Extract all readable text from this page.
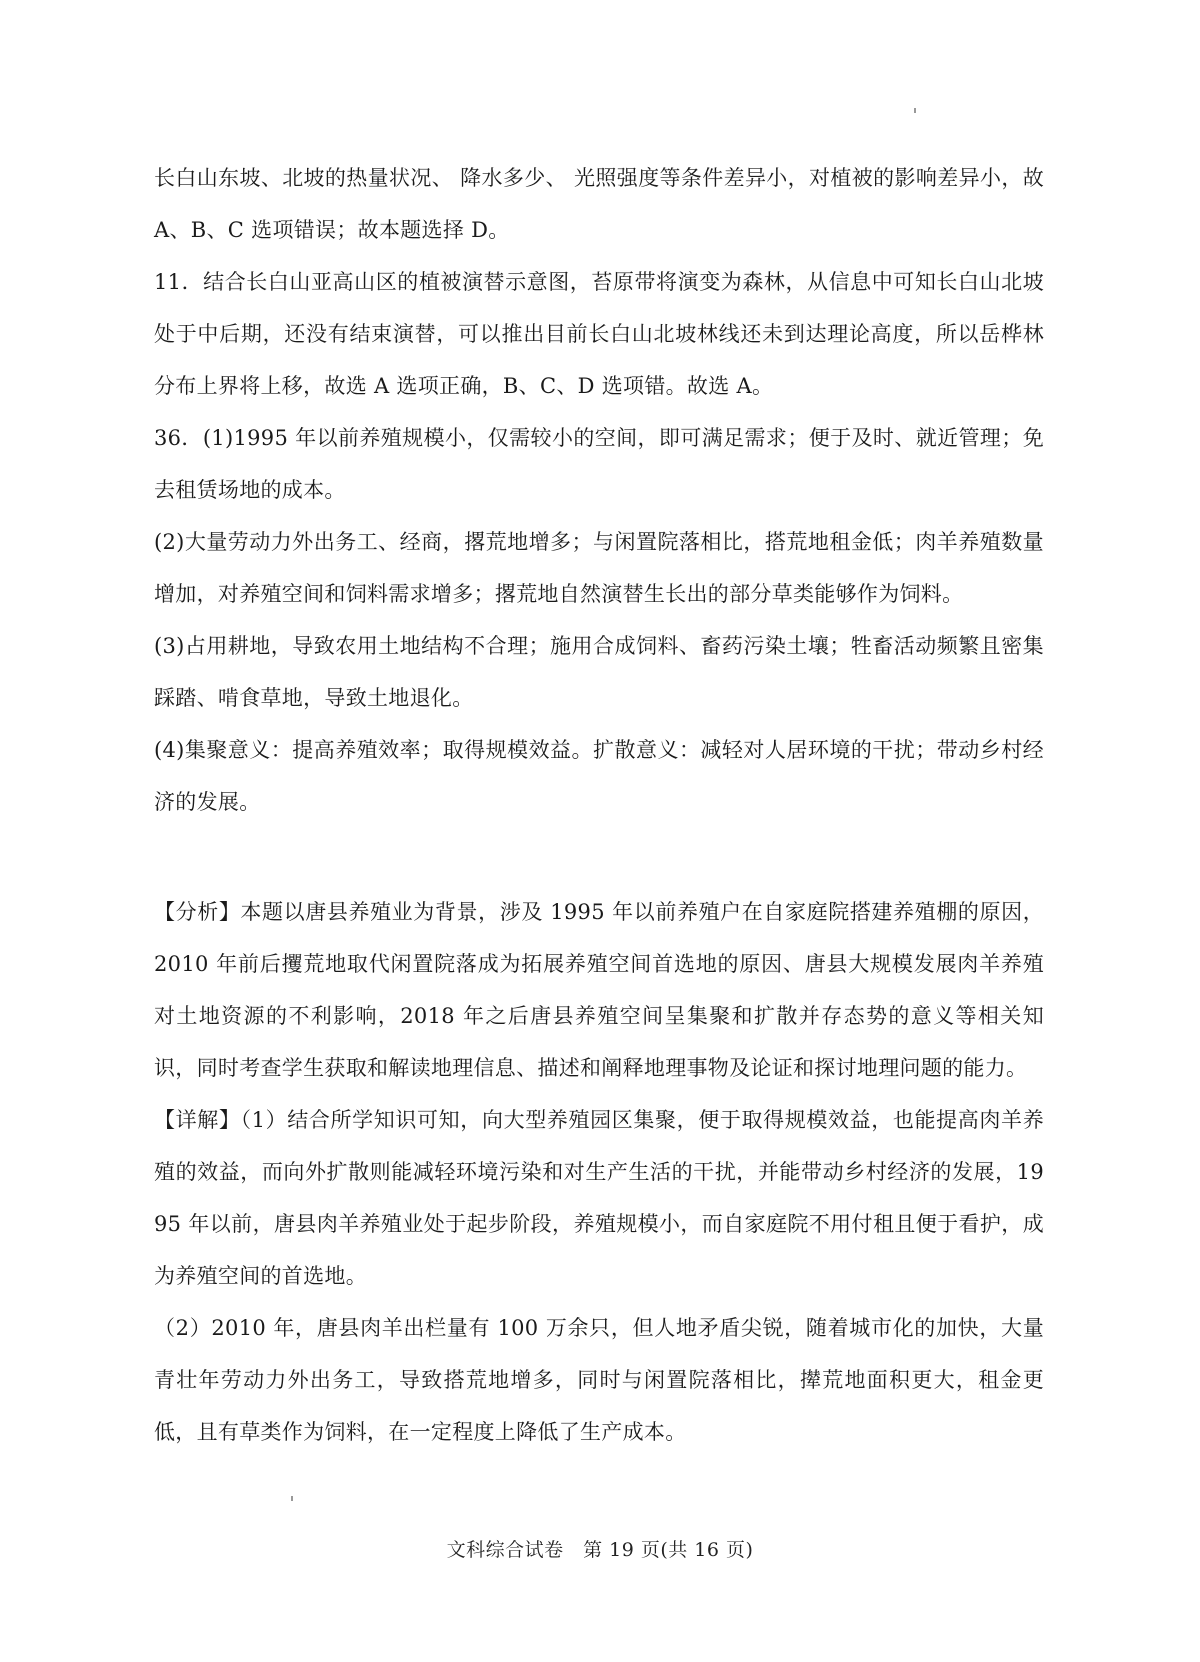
长白山东坡、北坡的热量状况、 降水多少、 光照强度等条件差异小，对植被的影响差异小，故 A、B、C 选项错误；故本题选择 D。

11．结合长白山亚高山区的植被演替示意图，苔原带将演变为森林，从信息中可知长白山北坡处于中后期，还没有结束演替，可以推出目前长白山北坡林线还未到达理论高度，所以岳桦林分布上界将上移，故选 A 选项正确，B、C、D 选项错。故选 A。

36．(1)1995 年以前养殖规模小，仅需较小的空间，即可满足需求；便于及时、就近管理；免去租赁场地的成本。

(2)大量劳动力外出务工、经商，撂荒地增多；与闲置院落相比，搭荒地租金低；肉羊养殖数量增加，对养殖空间和饲料需求增多；撂荒地自然演替生长出的部分草类能够作为饲料。

(3)占用耕地，导致农用土地结构不合理；施用合成饲料、畜药污染土壤；牲畜活动频繁且密集踩踏、啃食草地，导致土地退化。

(4)集聚意义：提高养殖效率；取得规模效益。扩散意义：减轻对人居环境的干扰；带动乡村经济的发展。

【分析】本题以唐县养殖业为背景，涉及 1995 年以前养殖户在自家庭院搭建养殖棚的原因，2010 年前后攫荒地取代闲置院落成为拓展养殖空间首选地的原因、唐县大规模发展肉羊养殖对土地资源的不利影响，2018 年之后唐县养殖空间呈集聚和扩散并存态势的意义等相关知识，同时考查学生获取和解读地理信息、描述和阐释地理事物及论证和探讨地理问题的能力。

【详解】（1）结合所学知识可知，向大型养殖园区集聚，便于取得规模效益，也能提高肉羊养殖的效益，而向外扩散则能减轻环境污染和对生产生活的干扰，并能带动乡村经济的发展，1995 年以前，唐县肉羊养殖业处于起步阶段，养殖规模小，而自家庭院不用付租且便于看护，成为养殖空间的首选地。

（2）2010 年，唐县肉羊出栏量有 100 万余只，但人地矛盾尖锐，随着城市化的加快，大量青壮年劳动力外出务工，导致搭荒地增多，同时与闲置院落相比，撵荒地面积更大，租金更低，且有草类作为饲料，在一定程度上降低了生产成本。

文科综合试卷　第 19 页(共 16 页)
